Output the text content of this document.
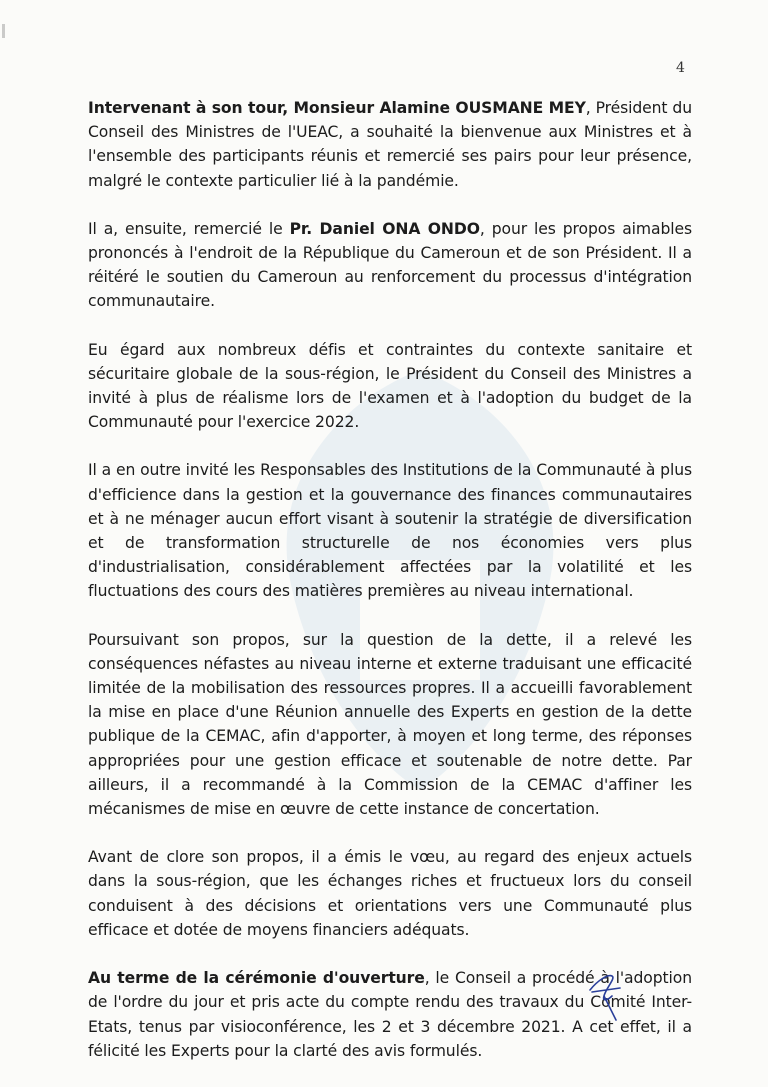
4

Intervenant à son tour, Monsieur Alamine OUSMANE MEY, Président du Conseil des Ministres de l'UEAC, a souhaité la bienvenue aux Ministres et à l'ensemble des participants réunis et remercié ses pairs pour leur présence, malgré le contexte particulier lié à la pandémie.

Il a, ensuite, remercié le Pr. Daniel ONA ONDO, pour les propos aimables prononcés à l'endroit de la République du Cameroun et de son Président. Il a réitéré le soutien du Cameroun au renforcement du processus d'intégration communautaire.

Eu égard aux nombreux défis et contraintes du contexte sanitaire et sécuritaire globale de la sous-région, le Président du Conseil des Ministres a invité à plus de réalisme lors de l'examen et à l'adoption du budget de la Communauté pour l'exercice 2022.

Il a en outre invité les Responsables des Institutions de la Communauté à plus d'efficience dans la gestion et la gouvernance des finances communautaires et à ne ménager aucun effort visant à soutenir la stratégie de diversification et de transformation structurelle de nos économies vers plus d'industrialisation, considérablement affectées par la volatilité et les fluctuations des cours des matières premières au niveau international.

Poursuivant son propos, sur la question de la dette, il a relevé les conséquences néfastes au niveau interne et externe traduisant une efficacité limitée de la mobilisation des ressources propres. Il a accueilli favorablement la mise en place d'une Réunion annuelle des Experts en gestion de la dette publique de la CEMAC, afin d'apporter, à moyen et long terme, des réponses appropriées pour une gestion efficace et soutenable de notre dette. Par ailleurs, il a recommandé à la Commission de la CEMAC d'affiner les mécanismes de mise en œuvre de cette instance de concertation.

Avant de clore son propos, il a émis le vœu, au regard des enjeux actuels dans la sous-région, que les échanges riches et fructueux lors du conseil conduisent à des décisions et orientations vers une Communauté plus efficace et dotée de moyens financiers adéquats.

Au terme de la cérémonie d'ouverture, le Conseil a procédé à l'adoption de l'ordre du jour et pris acte du compte rendu des travaux du Comité Inter-Etats, tenus par visioconférence, les 2 et 3 décembre 2021. A cet effet, il a félicité les Experts pour la clarté des avis formulés.
